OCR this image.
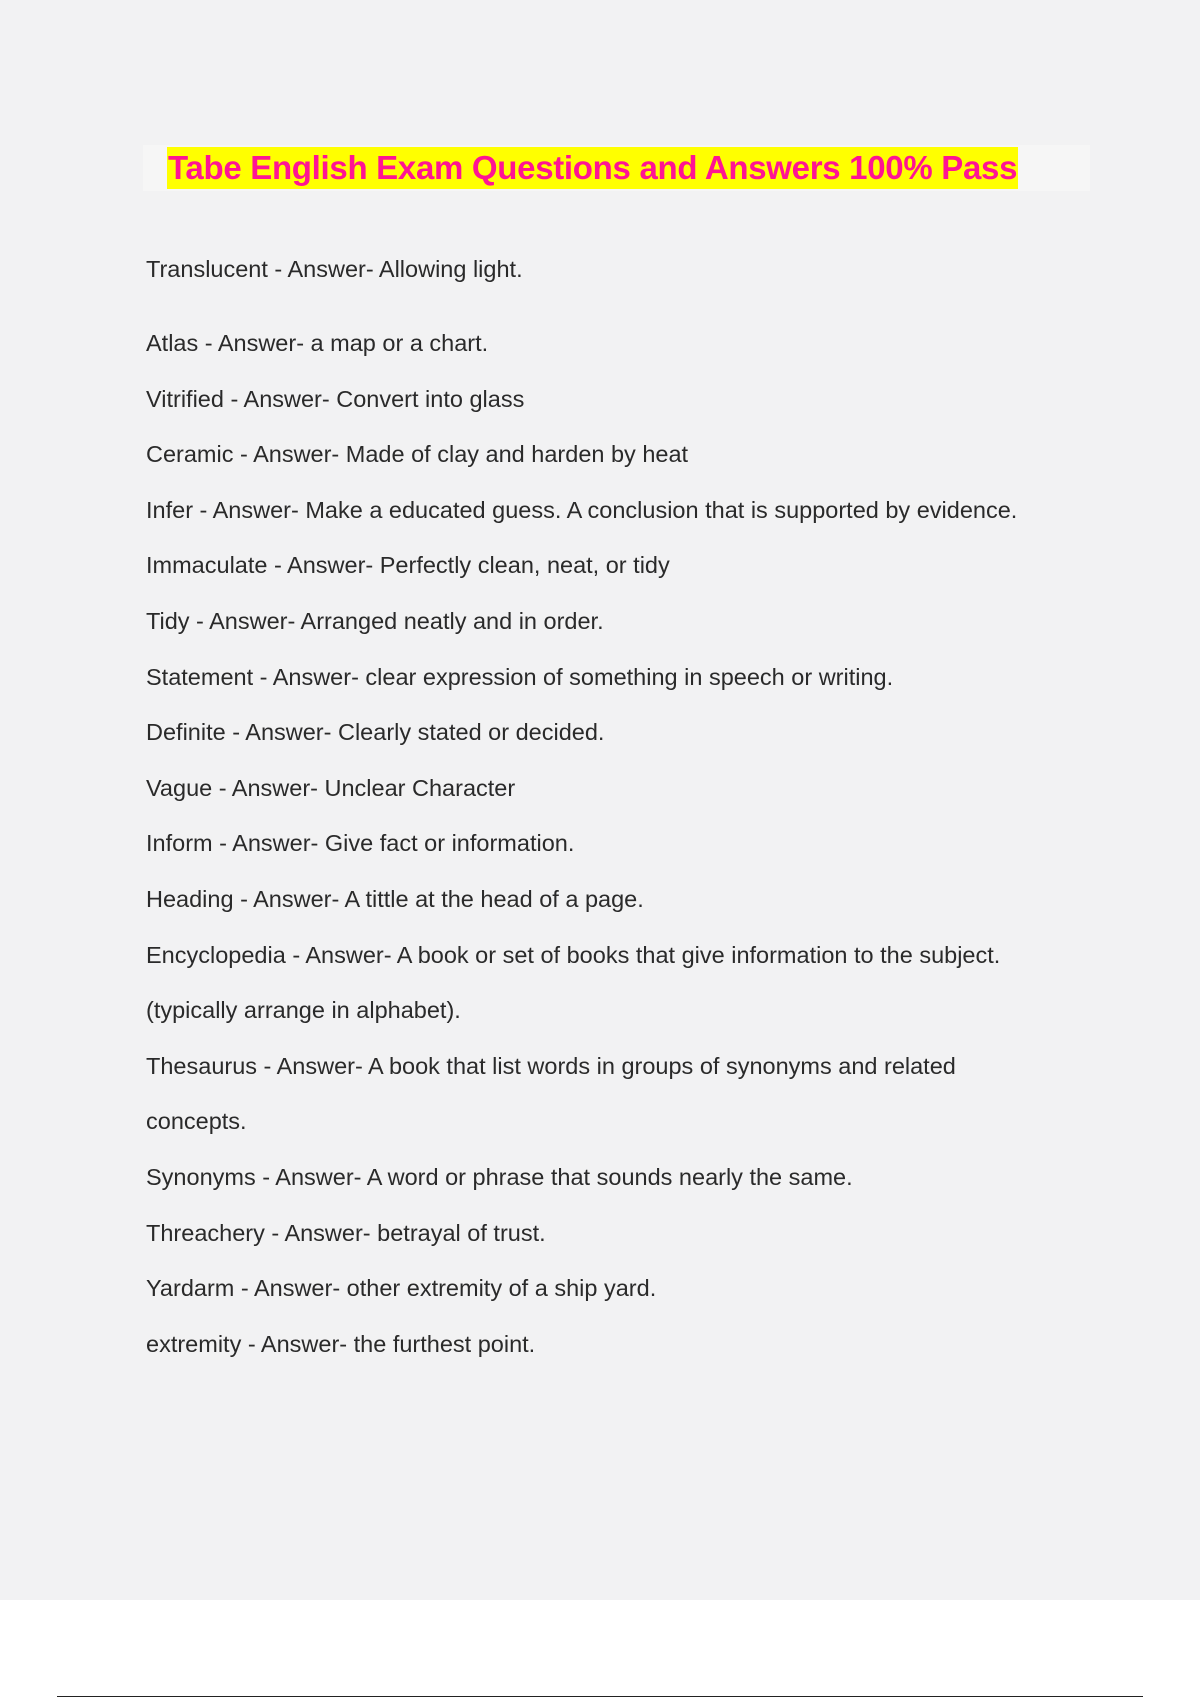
Tabe English Exam Questions and Answers 100% Pass
Translucent - Answer- Allowing light.
Atlas - Answer- a map or a chart.
Vitrified - Answer- Convert into glass
Ceramic - Answer- Made of clay and harden by heat
Infer - Answer- Make a educated guess. A conclusion that is supported by evidence.
Immaculate - Answer- Perfectly clean, neat, or tidy
Tidy - Answer- Arranged neatly and in order.
Statement - Answer- clear expression of something in speech or writing.
Definite - Answer- Clearly stated or decided.
Vague - Answer- Unclear Character
Inform - Answer- Give fact or information.
Heading - Answer- A tittle at the head of a page.
Encyclopedia - Answer- A book or set of books that give information to the subject.
(typically arrange in alphabet).
Thesaurus - Answer- A book that list words in groups of synonyms and related
concepts.
Synonyms - Answer- A word or phrase that sounds nearly the same.
Threachery - Answer- betrayal of trust.
Yardarm - Answer- other extremity of a ship yard.
extremity - Answer- the furthest point.
